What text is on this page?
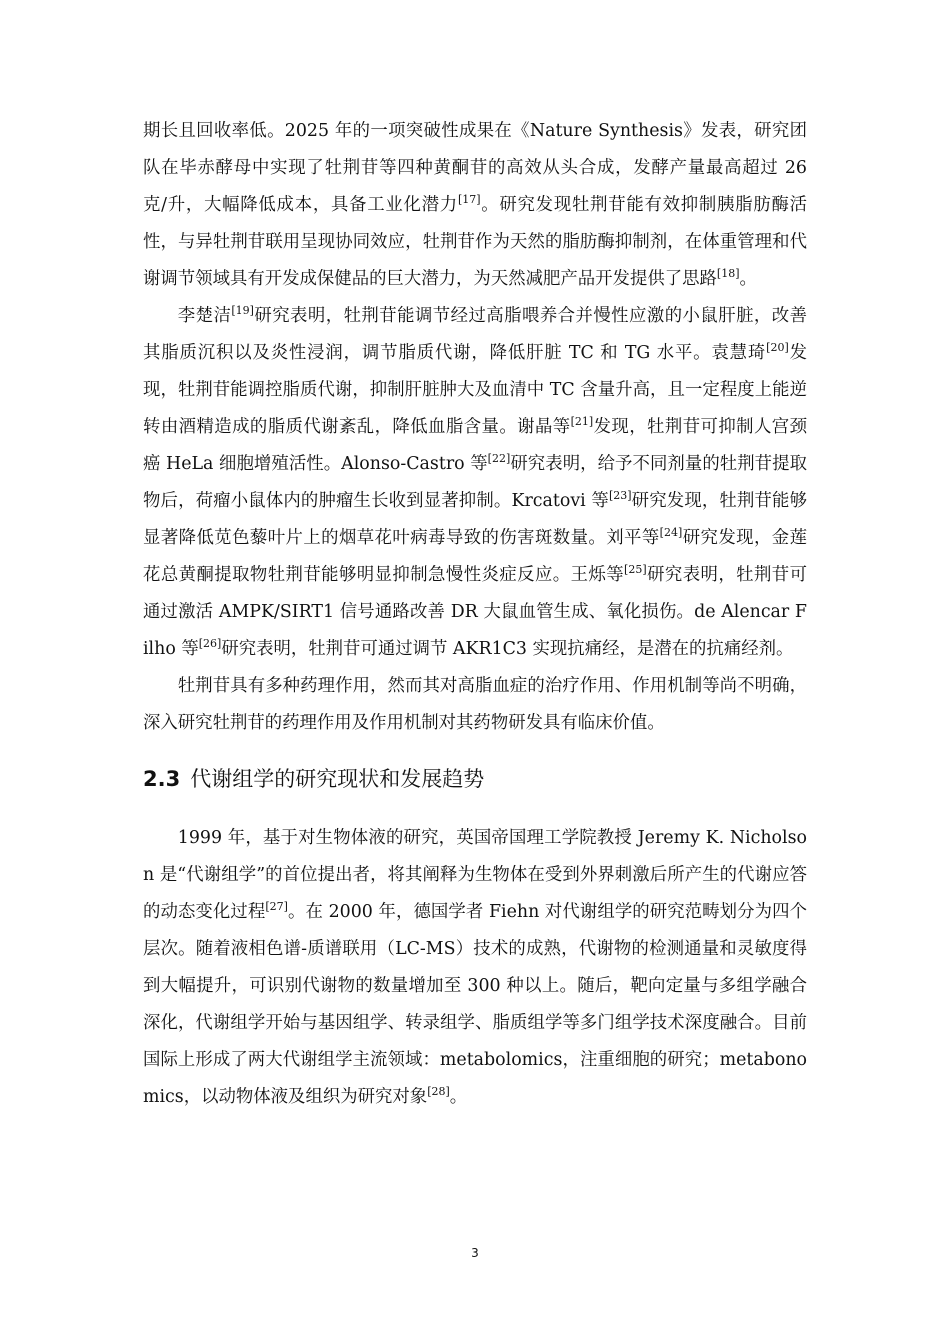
期长且回收率低。2025 年的一项突破性成果在《Nature Synthesis》发表，研究团队在毕赤酵母中实现了牡荆苷等四种黄酮苷的高效从头合成，发酵产量最高超过 26 克/升，大幅降低成本，具备工业化潜力[17]。研究发现牡荆苷能有效抑制胰脂肪酶活性，与异牡荆苷联用呈现协同效应，牡荆苷作为天然的脂肪酶抑制剂，在体重管理和代谢调节领域具有开发成保健品的巨大潜力，为天然减肥产品开发提供了思路[18]。

李楚洁[19]研究表明，牡荆苷能调节经过高脂喂养合并慢性应激的小鼠肝脏，改善其脂质沉积以及炎性浸润，调节脂质代谢，降低肝脏 TC 和 TG 水平。袁慧琦[20]发现，牡荆苷能调控脂质代谢，抑制肝脏肿大及血清中 TC 含量升高，且一定程度上能逆转由酒精造成的脂质代谢紊乱，降低血脂含量。谢晶等[21]发现，牡荆苷可抑制人宫颈癌 HeLa 细胞增殖活性。Alonso-Castro 等[22]研究表明，给予不同剂量的牡荆苷提取物后，荷瘤小鼠体内的肿瘤生长收到显著抑制。Krcatovi 等[23]研究发现，牡荆苷能够显著降低苋色藜叶片上的烟草花叶病毒导致的伤害斑数量。刘平等[24]研究发现，金莲花总黄酮提取物牡荆苷能够明显抑制急慢性炎症反应。王烁等[25]研究表明，牡荆苷可通过激活 AMPK/SIRT1 信号通路改善 DR 大鼠血管生成、氧化损伤。de Alencar Filho 等[26]研究表明，牡荆苷可通过调节 AKR1C3 实现抗痛经，是潜在的抗痛经剂。

牡荆苷具有多种药理作用，然而其对高脂血症的治疗作用、作用机制等尚不明确，深入研究牡荆苷的药理作用及作用机制对其药物研发具有临床价值。

2.3 代谢组学的研究现状和发展趋势

1999 年，基于对生物体液的研究，英国帝国理工学院教授 Jeremy K. Nicholson 是“代谢组学”的首位提出者，将其阐释为生物体在受到外界刺激后所产生的代谢应答的动态变化过程[27]。在 2000 年，德国学者 Fiehn 对代谢组学的研究范畴划分为四个层次。随着液相色谱-质谱联用（LC-MS）技术的成熟，代谢物的检测通量和灵敏度得到大幅提升，可识别代谢物的数量增加至 300 种以上。随后，靶向定量与多组学融合深化，代谢组学开始与基因组学、转录组学、脂质组学等多门组学技术深度融合。目前国际上形成了两大代谢组学主流领域：metabolomics，注重细胞的研究；metabonomics，以动物体液及组织为研究对象[28]。

3
